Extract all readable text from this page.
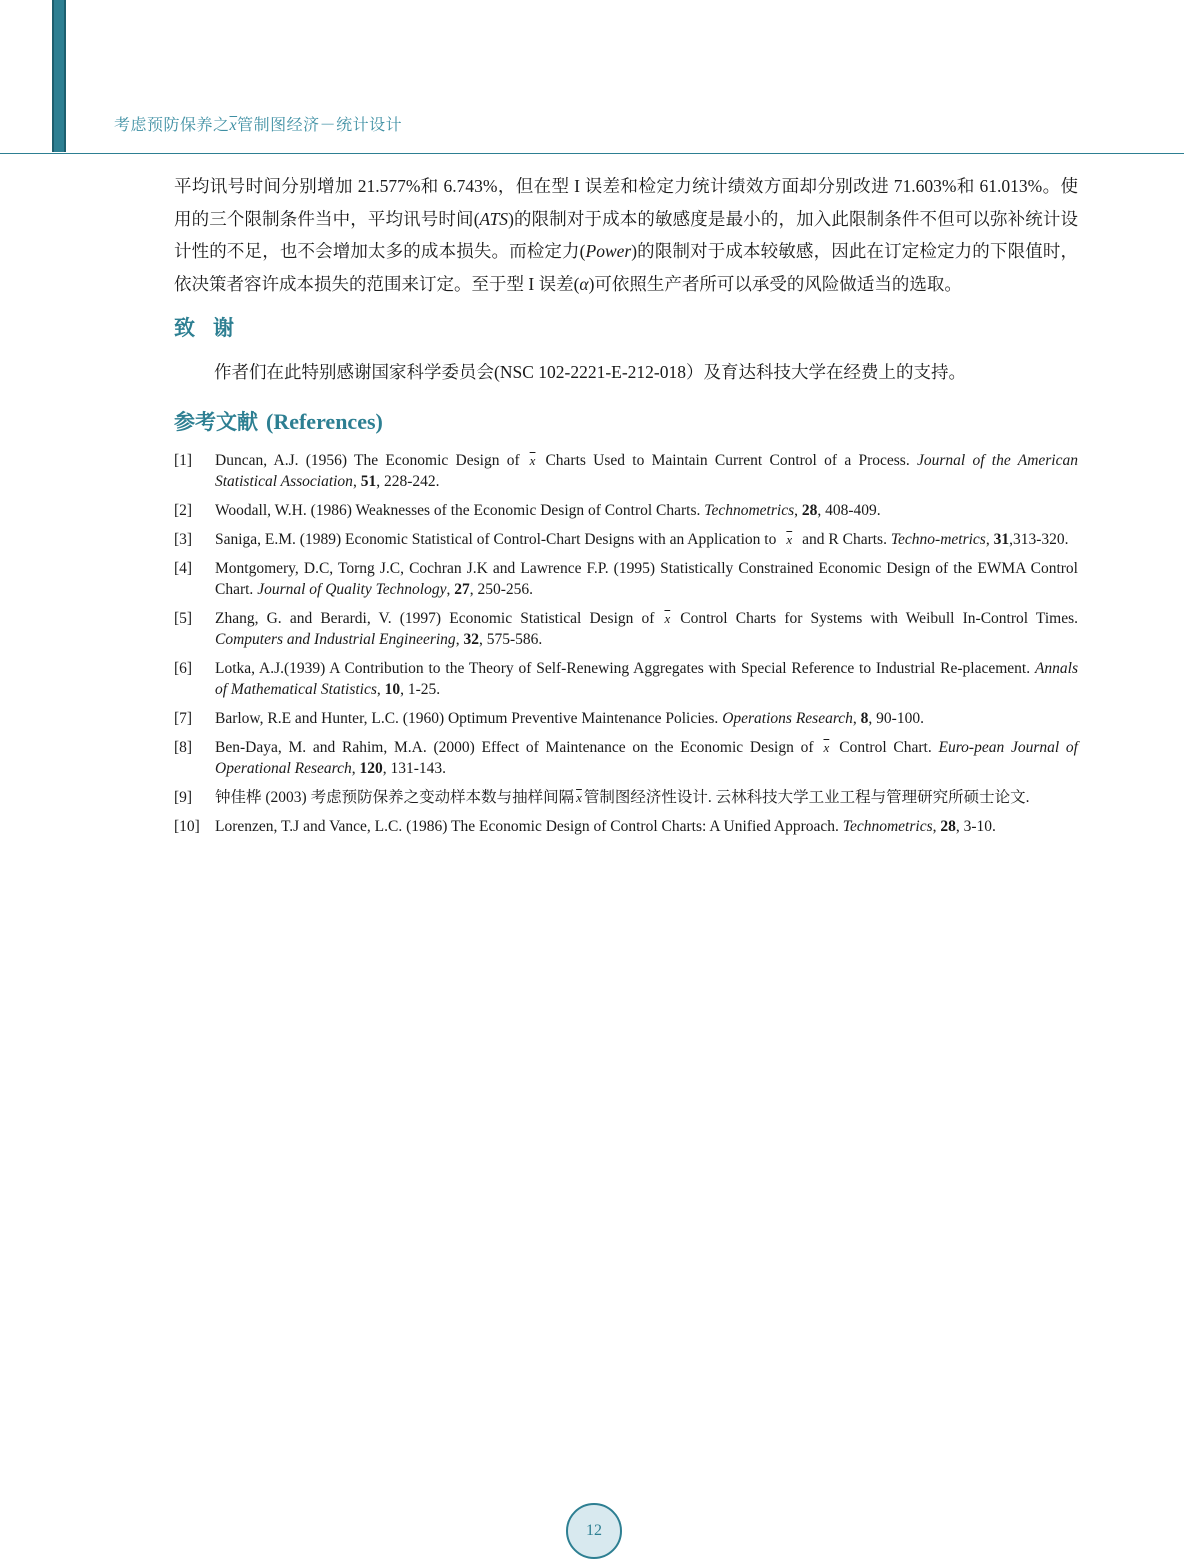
考虑预防保养之$\overline{x}$管制图经济－统计设计

平均讯号时间分别增加 21.577%和 6.743%，但在型 I 误差和检定力统计绩效方面却分别改进 71.603%和 61.013%。使用的三个限制条件当中，平均讯号时间(ATS)的限制对于成本的敏感度是最小的，加入此限制条件不但可以弥补统计设计性的不足，也不会增加太多的成本损失。而检定力(Power)的限制对于成本较敏感，因此在订定检定力的下限值时，依决策者容许成本损失的范围来订定。至于型 I 误差(α)可依照生产者所可以承受的风险做适当的选取。

致谢

作者们在此特别感谢国家科学委员会(NSC 102-2221-E-212-018）及育达科技大学在经费上的支持。

参考文献 (References)
[1]	Duncan, A.J. (1956) The Economic Design of $\overline{x}$ Charts Used to Maintain Current Control of a Process. Journal of the American Statistical Association, 51, 228-242.
[2]	Woodall, W.H. (1986) Weaknesses of the Economic Design of Control Charts. Technometrics, 28, 408-409.
[3]	Saniga, E.M. (1989) Economic Statistical of Control-Chart Designs with an Application to $\overline{x}$ and R Charts. Techno-metrics, 31,313-320.
[4]	Montgomery, D.C, Torng J.C, Cochran J.K and Lawrence F.P. (1995) Statistically Constrained Economic Design of the EWMA Control Chart. Journal of Quality Technology, 27, 250-256.
[5]	Zhang, G. and Berardi, V. (1997) Economic Statistical Design of $\overline{x}$ Control Charts for Systems with Weibull In-Control Times. Computers and Industrial Engineering, 32, 575-586.
[6]	Lotka, A.J.(1939) A Contribution to the Theory of Self-Renewing Aggregates with Special Reference to Industrial Re-placement. Annals of Mathematical Statistics, 10, 1-25.
[7]	Barlow, R.E and Hunter, L.C. (1960) Optimum Preventive Maintenance Policies. Operations Research, 8, 90-100.
[8]	Ben-Daya, M. and Rahim, M.A. (2000) Effect of Maintenance on the Economic Design of $\overline{x}$ Control Chart. Euro-pean Journal of Operational Research, 120, 131-143.
[9]	钟佳桦 (2003) 考虑预防保养之变动样本数与抽样间隔 $\overline{x}$ 管制图经济性设计. 云林科技大学工业工程与管理研究所硕士论文.
[10] Lorenzen, T.J and Vance, L.C. (1986) The Economic Design of Control Charts: A Unified Approach. Technometrics, 28, 3-10.
12
